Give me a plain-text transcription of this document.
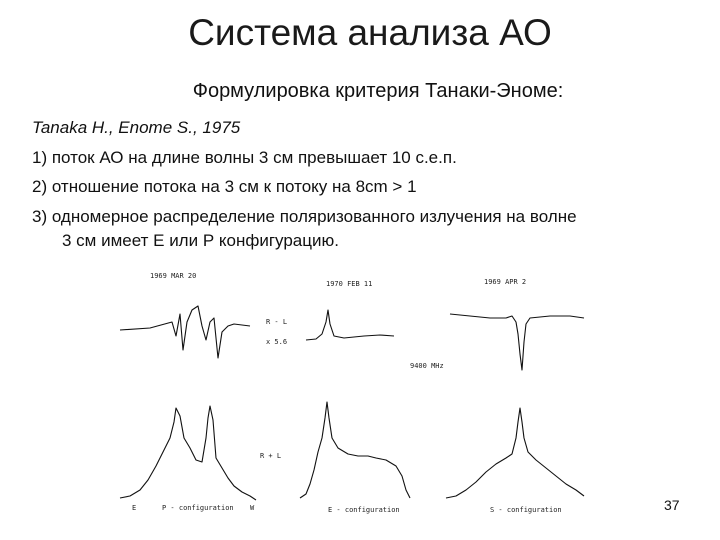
Система анализа АО
Формулировка критерия Танаки-Эноме:
Tanaka H., Enome S., 1975
1) поток АО на длине волны 3 см превышает 10 с.е.п.
2) отношение потока на 3 см к потоку на 8cm > 1
3) одномерное распределение поляризованного излучения на волне
3 см имеет Е или Р конфигурацию.
1969 MAR 20
1970 FEB 11	1969 APR 2
R - L
x 5.6
9400 MHz
R + L
E	W
P - configuration	E - configuration	S - configuration	37
